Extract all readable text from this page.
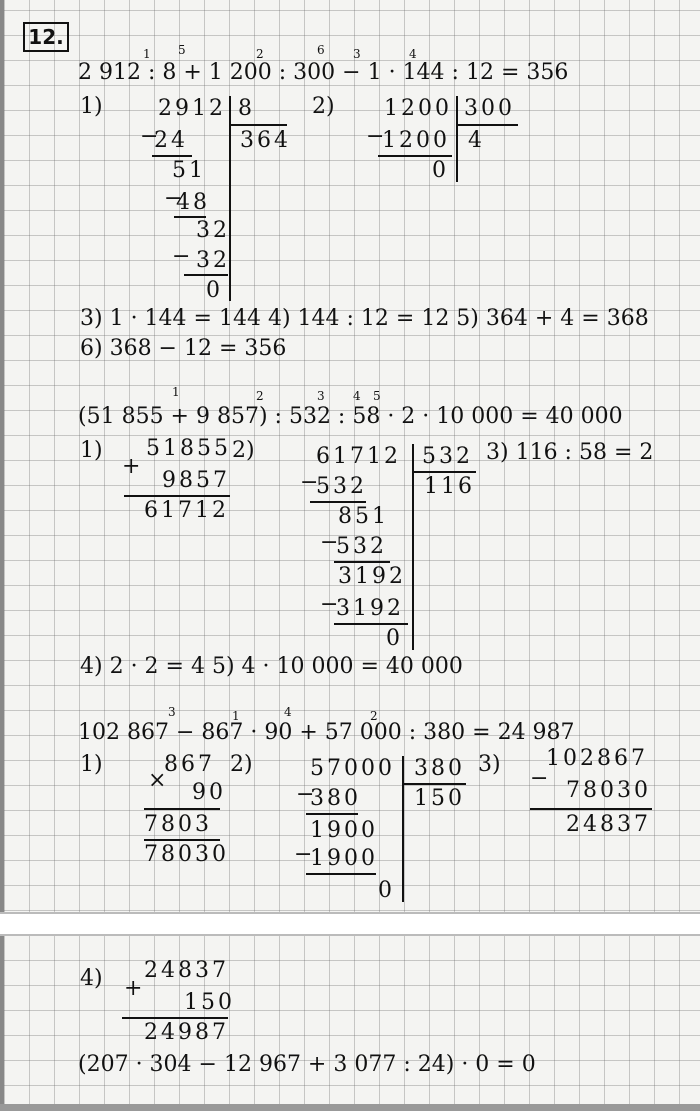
12.
1 5	2	6 3	4
2 912 : 8 + 1 200 : 300 − 1 · 144 : 12 = 356
1)	2912 8
364
−
24
51
−
48
32
− 32
0
2) 1200 300
4
−
1200
0
3) 1 · 144 = 144 4) 144 : 12 = 12 5) 364 + 4 = 368
6) 368 − 12 = 356
1	2	3 4 5
(51 855 + 9 857) : 532 : 58 · 2 · 10 000 = 40 000
1) 51855
+
9857
61712
2)	61712 532
116
−
532
851
−
532
3192
−
3192
0
3) 116 : 58 = 2
4) 2 · 2 = 4 5) 4 · 10 000 = 40 000
3	1	4	2
102 867 − 867 · 90 + 57 000 : 380 = 24 987
1)	867
× 90
7803
78030
2)	57000 380
150
−
380
1900
−
1900
0
3) 102867
− 78030
24837
4) 24837
+
150
24987
(207 · 304 − 12 967 + 3 077 : 24) · 0 = 0
